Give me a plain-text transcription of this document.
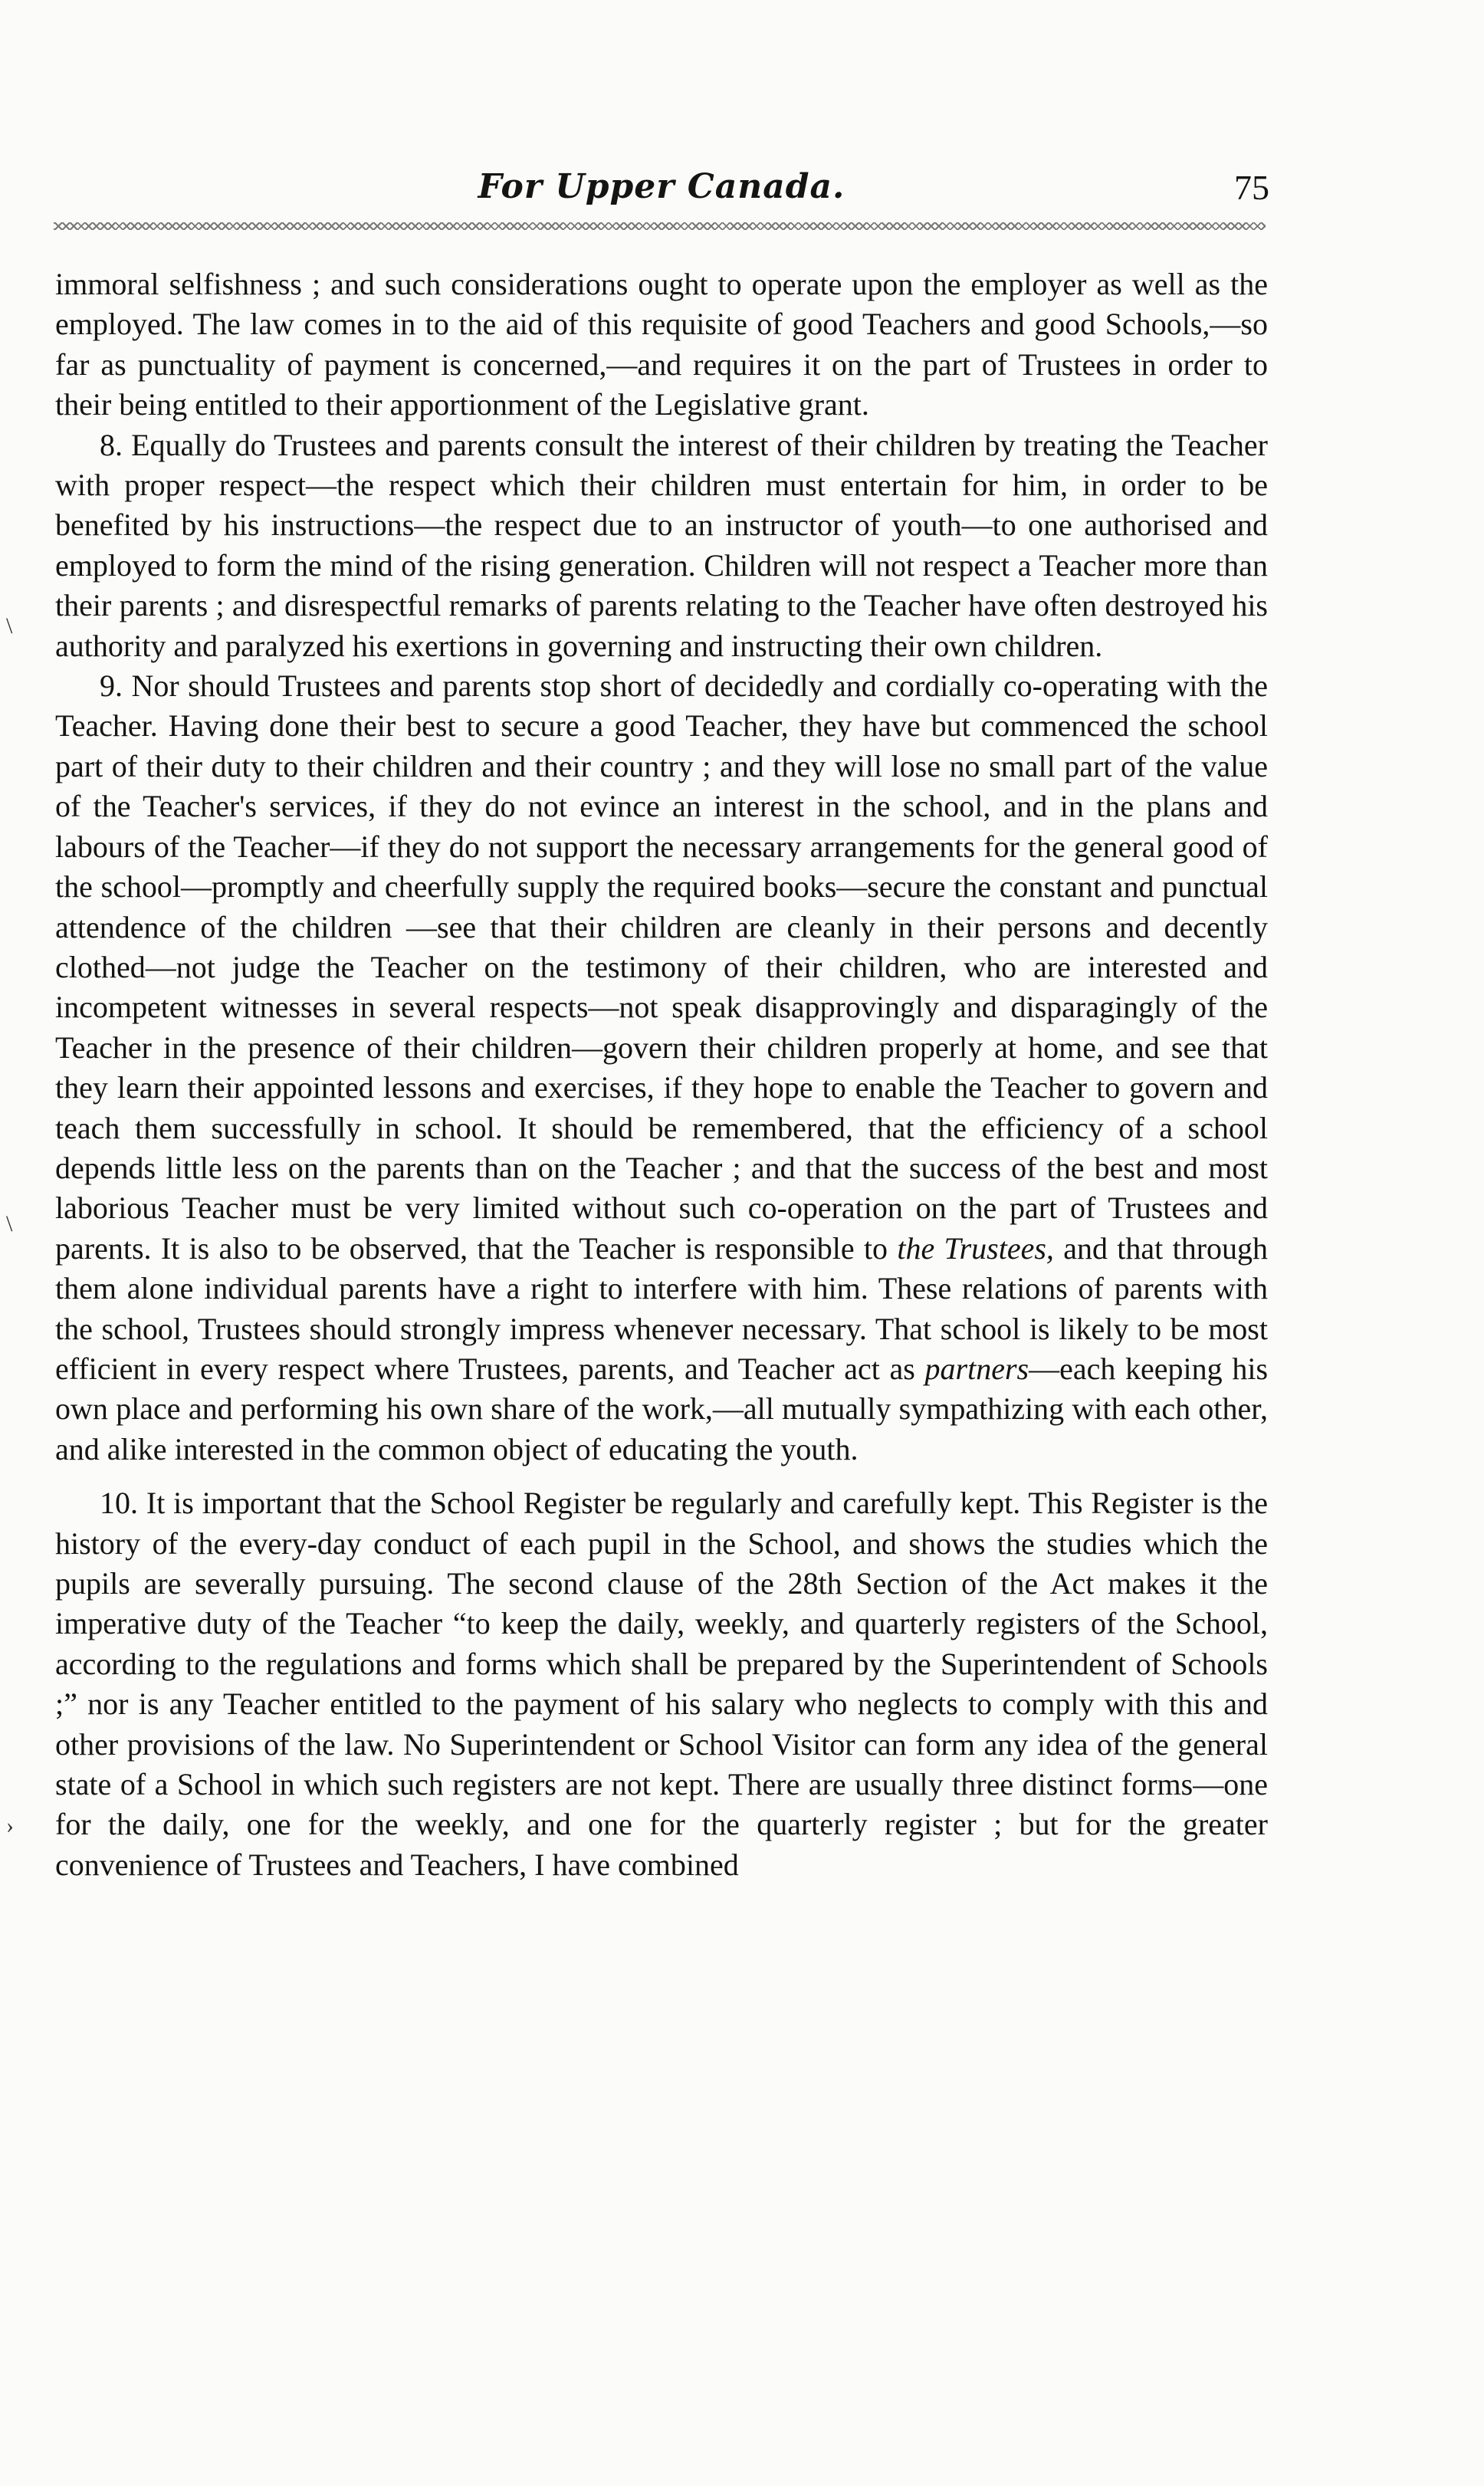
For Upper Canada.	75
\
\
›

immoral selfishness ; and such considerations ought to operate upon the employer as well as the employed. The law comes in to the aid of this requisite of good Teachers and good Schools,—so far as punctuality of payment is concerned,—and requires it on the part of Trustees in order to their being entitled to their apportionment of the Legislative grant.

8. Equally do Trustees and parents consult the interest of their children by treating the Teacher with proper respect—the respect which their children must entertain for him, in order to be benefited by his instructions—the respect due to an instructor of youth—to one authorised and employed to form the mind of the rising generation. Children will not respect a Teacher more than their parents ; and disrespectful remarks of parents relating to the Teacher have often destroyed his authority and paralyzed his exertions in governing and instructing their own children.

9. Nor should Trustees and parents stop short of decidedly and cordially co-operating with the Teacher. Having done their best to secure a good Teacher, they have but commenced the school part of their duty to their children and their country ; and they will lose no small part of the value of the Teacher's services, if they do not evince an interest in the school, and in the plans and labours of the Teacher—if they do not support the necessary arrangements for the general good of the school—promptly and cheerfully supply the required books—secure the constant and punctual attendence of the children —see that their children are cleanly in their persons and decently clothed—not judge the Teacher on the testimony of their children, who are interested and incompetent witnesses in several respects—not speak disapprovingly and disparagingly of the Teacher in the presence of their children—govern their children properly at home, and see that they learn their appointed lessons and exercises, if they hope to enable the Teacher to govern and teach them successfully in school. It should be remembered, that the efficiency of a school depends little less on the parents than on the Teacher ; and that the success of the best and most laborious Teacher must be very limited without such co-operation on the part of Trustees and parents. It is also to be observed, that the Teacher is responsible to the Trustees, and that through them alone individual parents have a right to interfere with him. These relations of parents with the school, Trustees should strongly impress whenever necessary. That school is likely to be most efficient in every respect where Trustees, parents, and Teacher act as partners—each keeping his own place and performing his own share of the work,—all mutually sympathizing with each other, and alike interested in the common object of educating the youth.

10. It is important that the School Register be regularly and carefully kept. This Register is the history of the every-day conduct of each pupil in the School, and shows the studies which the pupils are severally pursuing. The second clause of the 28th Section of the Act makes it the imperative duty of the Teacher “to keep the daily, weekly, and quarterly registers of the School, according to the regulations and forms which shall be prepared by the Superintendent of Schools ;” nor is any Teacher entitled to the payment of his salary who neglects to comply with this and other provisions of the law. No Superintendent or School Visitor can form any idea of the general state of a School in which such registers are not kept. There are usually three distinct forms—one for the daily, one for the weekly, and one for the quarterly register ; but for the greater convenience of Trustees and Teachers, I have combined
